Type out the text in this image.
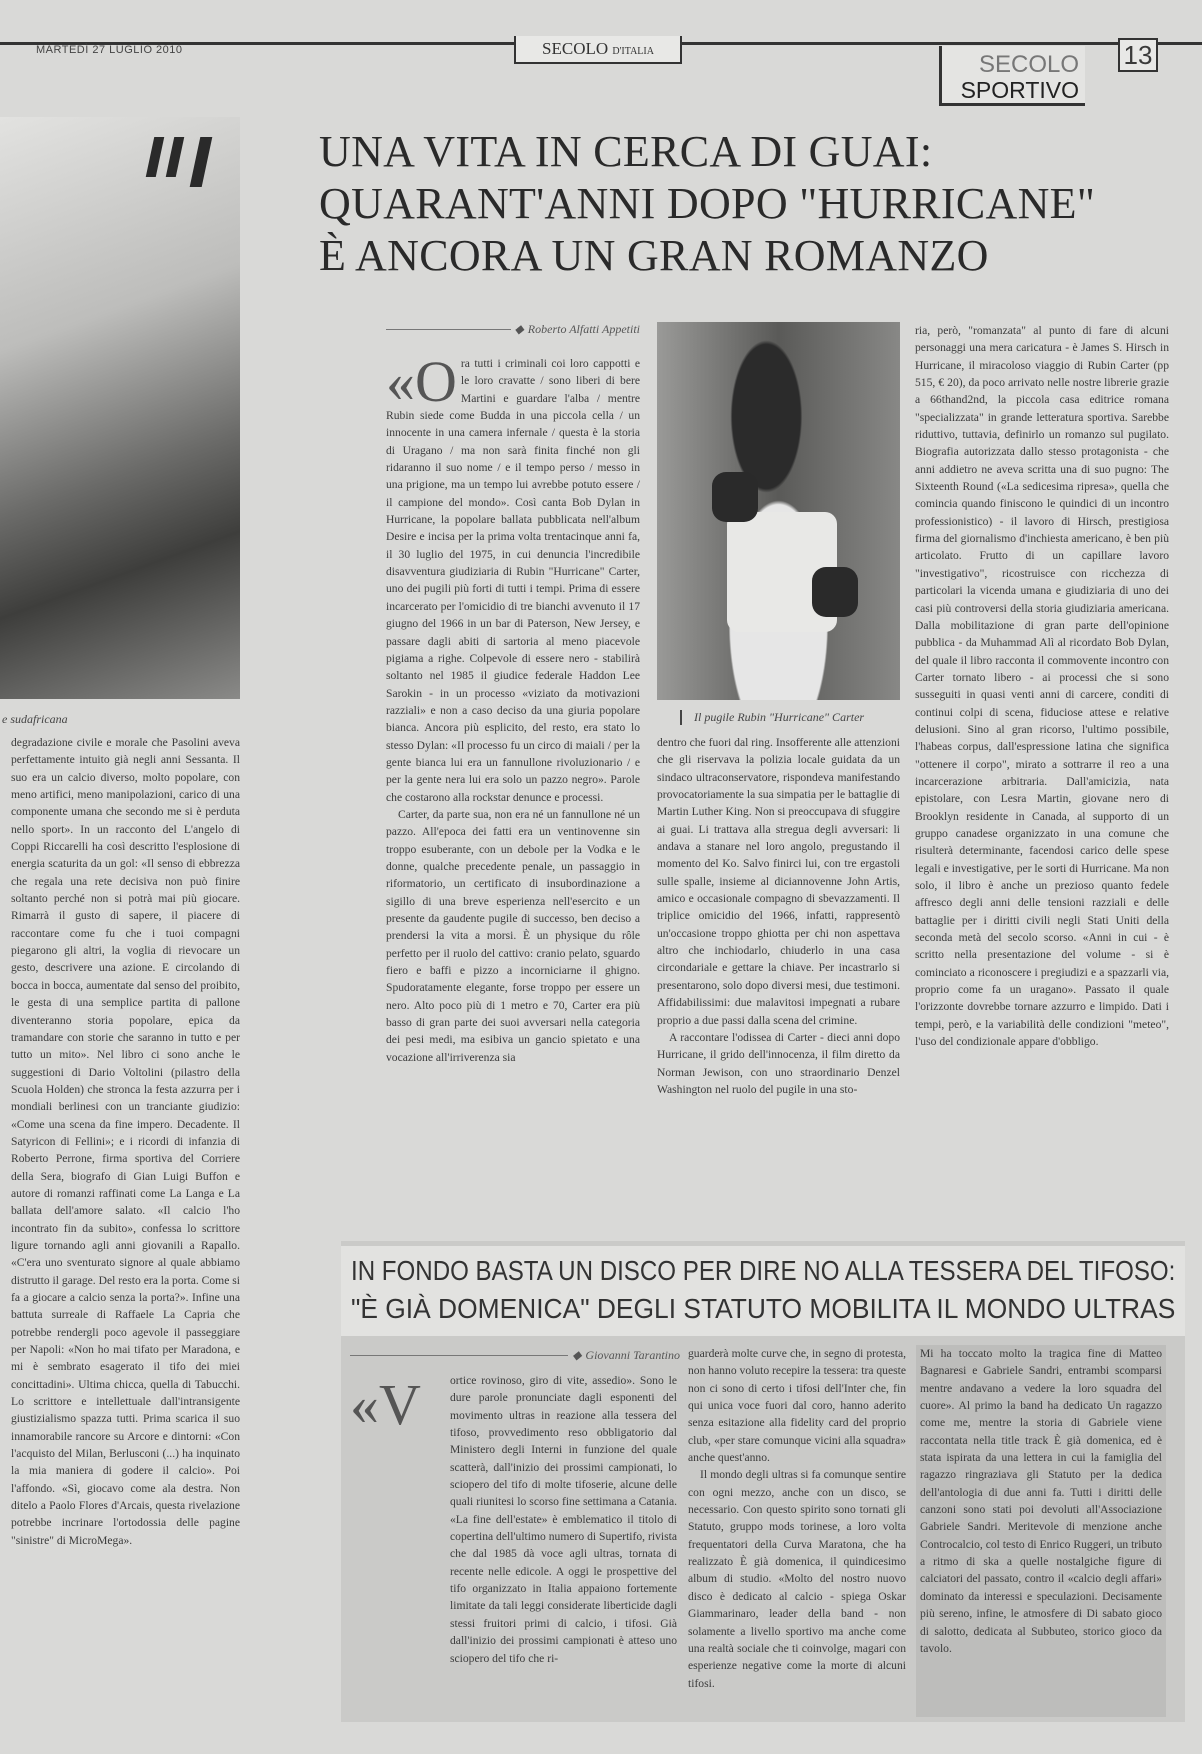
MARTEDÌ 27 LUGLIO 2010	SECOLO D'ITALIA	SECOLO
SPORTIVO
13
e sudafricana

degradazione civile e morale che Pasolini aveva perfettamente intuito già negli anni Sessanta. Il suo era un calcio diverso, molto popolare, con meno artifici, meno manipolazioni, carico di una componente umana che secondo me si è perduta nello sport». In un racconto del L'angelo di Coppi Riccarelli ha così descritto l'esplosione di energia scaturita da un gol: «Il senso di ebbrezza che regala una rete decisiva non può finire soltanto perché non si potrà mai più giocare. Rimarrà il gusto di sapere, il piacere di raccontare come fu che i tuoi compagni piegarono gli altri, la voglia di rievocare un gesto, descrivere una azione. E circolando di bocca in bocca, aumentate dal senso del proibito, le gesta di una semplice partita di pallone diventeranno storia popolare, epica da tramandare con storie che saranno in tutto e per tutto un mito». Nel libro ci sono anche le suggestioni di Dario Voltolini (pilastro della Scuola Holden) che stronca la festa azzurra per i mondiali berlinesi con un tranciante giudizio: «Come una scena da fine impero. Decadente. Il Satyricon di Fellini»; e i ricordi di infanzia di Roberto Perrone, firma sportiva del Corriere della Sera, biografo di Gian Luigi Buffon e autore di romanzi raffinati come La Langa e La ballata dell'amore salato. «Il calcio l'ho incontrato fin da subito», confessa lo scrittore ligure tornando agli anni giovanili a Rapallo. «C'era uno sventurato signore al quale abbiamo distrutto il garage. Del resto era la porta. Come si fa a giocare a calcio senza la porta?». Infine una battuta surreale di Raffaele La Capria che potrebbe rendergli poco agevole il passeggiare per Napoli: «Non ho mai tifato per Maradona, e mi è sembrato esagerato il tifo dei miei concittadini». Ultima chicca, quella di Tabucchi. Lo scrittore e intellettuale dall'intransigente giustizialismo spazza tutti. Prima scarica il suo innamorabile rancore su Arcore e dintorni: «Con l'acquisto del Milan, Berlusconi (...) ha inquinato la mia maniera di godere il calcio». Poi l'affondo. «Sì, giocavo come ala destra. Non ditelo a Paolo Flores d'Arcais, questa rivelazione potrebbe incrinare l'ortodossia delle pagine "sinistre" di MicroMega».

UNA VITA IN CERCA DI GUAI:
QUARANT'ANNI DOPO "HURRICANE"
È ANCORA UN GRAN ROMANZO
◆ Roberto Alfatti Appetiti
«O ra tutti i criminali coi loro cappotti e le loro cravatte / sono liberi di bere Martini e guardare l'alba / mentre Rubin siede come Budda in una piccola cella / un innocente in una camera infernale / questa è la storia di Uragano / ma non sarà finita finché non gli ridaranno il suo nome / e il tempo perso / messo in una prigione, ma un tempo lui avrebbe potuto essere / il campione del mondo». Così canta Bob Dylan in Hurricane, la popolare ballata pubblicata nell'album Desire e incisa per la prima volta trentacinque anni fa, il 30 luglio del 1975, in cui denuncia l'incredibile disavventura giudiziaria di Rubin "Hurricane" Carter, uno dei pugili più forti di tutti i tempi. Prima di essere incarcerato per l'omicidio di tre bianchi avvenuto il 17 giugno del 1966 in un bar di Paterson, New Jersey, e passare dagli abiti di sartoria al meno piacevole pigiama a righe. Colpevole di essere nero - stabilirà soltanto nel 1985 il giudice federale Haddon Lee Sarokin - in un processo «viziato da motivazioni razziali» e non a caso deciso da una giuria popolare bianca. Ancora più esplicito, del resto, era stato lo stesso Dylan: «Il processo fu un circo di maiali / per la gente bianca lui era un fannullone rivoluzionario / e per la gente nera lui era solo un pazzo negro». Parole che costarono alla rockstar denunce e processi.

Carter, da parte sua, non era né un fannullone né un pazzo. All'epoca dei fatti era un ventinovenne sin troppo esuberante, con un debole per la Vodka e le donne, qualche precedente penale, un passaggio in riformatorio, un certificato di insubordinazione a sigillo di una breve esperienza nell'esercito e un presente da gaudente pugile di successo, ben deciso a prendersi la vita a morsi. È un physique du rôle perfetto per il ruolo del cattivo: cranio pelato, sguardo fiero e baffi e pizzo a incorniciarne il ghigno. Spudoratamente elegante, forse troppo per essere un nero. Alto poco più di 1 metro e 70, Carter era più basso di gran parte dei suoi avversari nella categoria dei pesi medi, ma esibiva un gancio spietato e una vocazione all'irriverenza sia

Il pugile Rubin "Hurricane" Carter

dentro che fuori dal ring. Insofferente alle attenzioni che gli riservava la polizia locale guidata da un sindaco ultraconservatore, rispondeva manifestando provocatoriamente la sua simpatia per le battaglie di Martin Luther King. Non si preoccupava di sfuggire ai guai. Li trattava alla stregua degli avversari: li andava a stanare nel loro angolo, pregustando il momento del Ko. Salvo finirci lui, con tre ergastoli sulle spalle, insieme al diciannovenne John Artis, amico e occasionale compagno di sbevazzamenti. Il triplice omicidio del 1966, infatti, rappresentò un'occasione troppo ghiotta per chi non aspettava altro che inchiodarlo, chiuderlo in una casa circondariale e gettare la chiave. Per incastrarlo si presentarono, solo dopo diversi mesi, due testimoni. Affidabilissimi: due malavitosi impegnati a rubare proprio a due passi dalla scena del crimine.

A raccontare l'odissea di Carter - dieci anni dopo Hurricane, il grido dell'innocenza, il film diretto da Norman Jewison, con uno straordinario Denzel Washington nel ruolo del pugile in una sto-

ria, però, "romanzata" al punto di fare di alcuni personaggi una mera caricatura - è James S. Hirsch in Hurricane, il miracoloso viaggio di Rubin Carter (pp 515, € 20), da poco arrivato nelle nostre librerie grazie a 66thand2nd, la piccola casa editrice romana "specializzata" in grande letteratura sportiva. Sarebbe riduttivo, tuttavia, definirlo un romanzo sul pugilato. Biografia autorizzata dallo stesso protagonista - che anni addietro ne aveva scritta una di suo pugno: The Sixteenth Round («La sedicesima ripresa», quella che comincia quando finiscono le quindici di un incontro professionistico) - il lavoro di Hirsch, prestigiosa firma del giornalismo d'inchiesta americano, è ben più articolato. Frutto di un capillare lavoro "investigativo", ricostruisce con ricchezza di particolari la vicenda umana e giudiziaria di uno dei casi più controversi della storia giudiziaria americana. Dalla mobilitazione di gran parte dell'opinione pubblica - da Muhammad Alì al ricordato Bob Dylan, del quale il libro racconta il commovente incontro con Carter tornato libero - ai processi che si sono susseguiti in quasi venti anni di carcere, conditi di continui colpi di scena, fiduciose attese e relative delusioni. Sino al gran ricorso, l'ultimo possibile, l'habeas corpus, dall'espressione latina che significa "ottenere il corpo", mirato a sottrarre il reo a una incarcerazione arbitraria. Dall'amicizia, nata epistolare, con Lesra Martin, giovane nero di Brooklyn residente in Canada, al supporto di un gruppo canadese organizzato in una comune che risulterà determinante, facendosi carico delle spese legali e investigative, per le sorti di Hurricane. Ma non solo, il libro è anche un prezioso quanto fedele affresco degli anni delle tensioni razziali e delle battaglie per i diritti civili negli Stati Uniti della seconda metà del secolo scorso. «Anni in cui - è scritto nella presentazione del volume - si è cominciato a riconoscere i pregiudizi e a spazzarli via, proprio come fa un uragano». Passato il quale l'orizzonte dovrebbe tornare azzurro e limpido. Dati i tempi, però, e la variabilità delle condizioni "meteo", l'uso del condizionale appare d'obbligo.

IN FONDO BASTA UN DISCO PER DIRE NO ALLA TESSERA DEL TIFOSO:
"È GIÀ DOMENICA" DEGLI STATUTO MOBILITA IL MONDO ULTRAS
◆ Giovanni Tarantino
«V	ortice rovinoso, giro di vite, assedio». Sono le dure parole pronunciate dagli esponenti del movimento ultras in reazione alla tessera del tifoso, provvedimento reso obbligatorio dal Ministero degli Interni in funzione del quale scatterà, dall'inizio dei prossimi campionati, lo sciopero del tifo di molte tifoserie, alcune delle quali riunitesi lo scorso fine settimana a Catania. «La fine dell'estate» è emblematico il titolo di copertina dell'ultimo numero di Supertifo, rivista che dal 1985 dà voce agli ultras, tornata di recente nelle edicole. A oggi le prospettive del tifo organizzato in Italia appaiono fortemente limitate da tali leggi considerate liberticide dagli stessi fruitori primi di calcio, i tifosi. Già dall'inizio dei prossimi campionati è atteso uno sciopero del tifo che ri-

guarderà molte curve che, in segno di protesta, non hanno voluto recepire la tessera: tra queste non ci sono di certo i tifosi dell'Inter che, fin qui unica voce fuori dal coro, hanno aderito senza esitazione alla fidelity card del proprio club, «per stare comunque vicini alla squadra» anche quest'anno.

Il mondo degli ultras si fa comunque sentire con ogni mezzo, anche con un disco, se necessario. Con questo spirito sono tornati gli Statuto, gruppo mods torinese, a loro volta frequentatori della Curva Maratona, che ha realizzato È già domenica, il quindicesimo album di studio. «Molto del nostro nuovo disco è dedicato al calcio - spiega Oskar Giammarinaro, leader della band - non solamente a livello sportivo ma anche come una realtà sociale che ti coinvolge, magari con esperienze negative come la morte di alcuni tifosi.

Mi ha toccato molto la tragica fine di Matteo Bagnaresi e Gabriele Sandri, entrambi scomparsi mentre andavano a vedere la loro squadra del cuore». Al primo la band ha dedicato Un ragazzo come me, mentre la storia di Gabriele viene raccontata nella title track È già domenica, ed è stata ispirata da una lettera in cui la famiglia del ragazzo ringraziava gli Statuto per la dedica dell'antologia di due anni fa. Tutti i diritti delle canzoni sono stati poi devoluti all'Associazione Gabriele Sandri. Meritevole di menzione anche Controcalcio, col testo di Enrico Ruggeri, un tributo a ritmo di ska a quelle nostalgiche figure di calciatori del passato, contro il «calcio degli affari» dominato da interessi e speculazioni. Decisamente più sereno, infine, le atmosfere di Di sabato gioco di salotto, dedicata al Subbuteo, storico gioco da tavolo.
